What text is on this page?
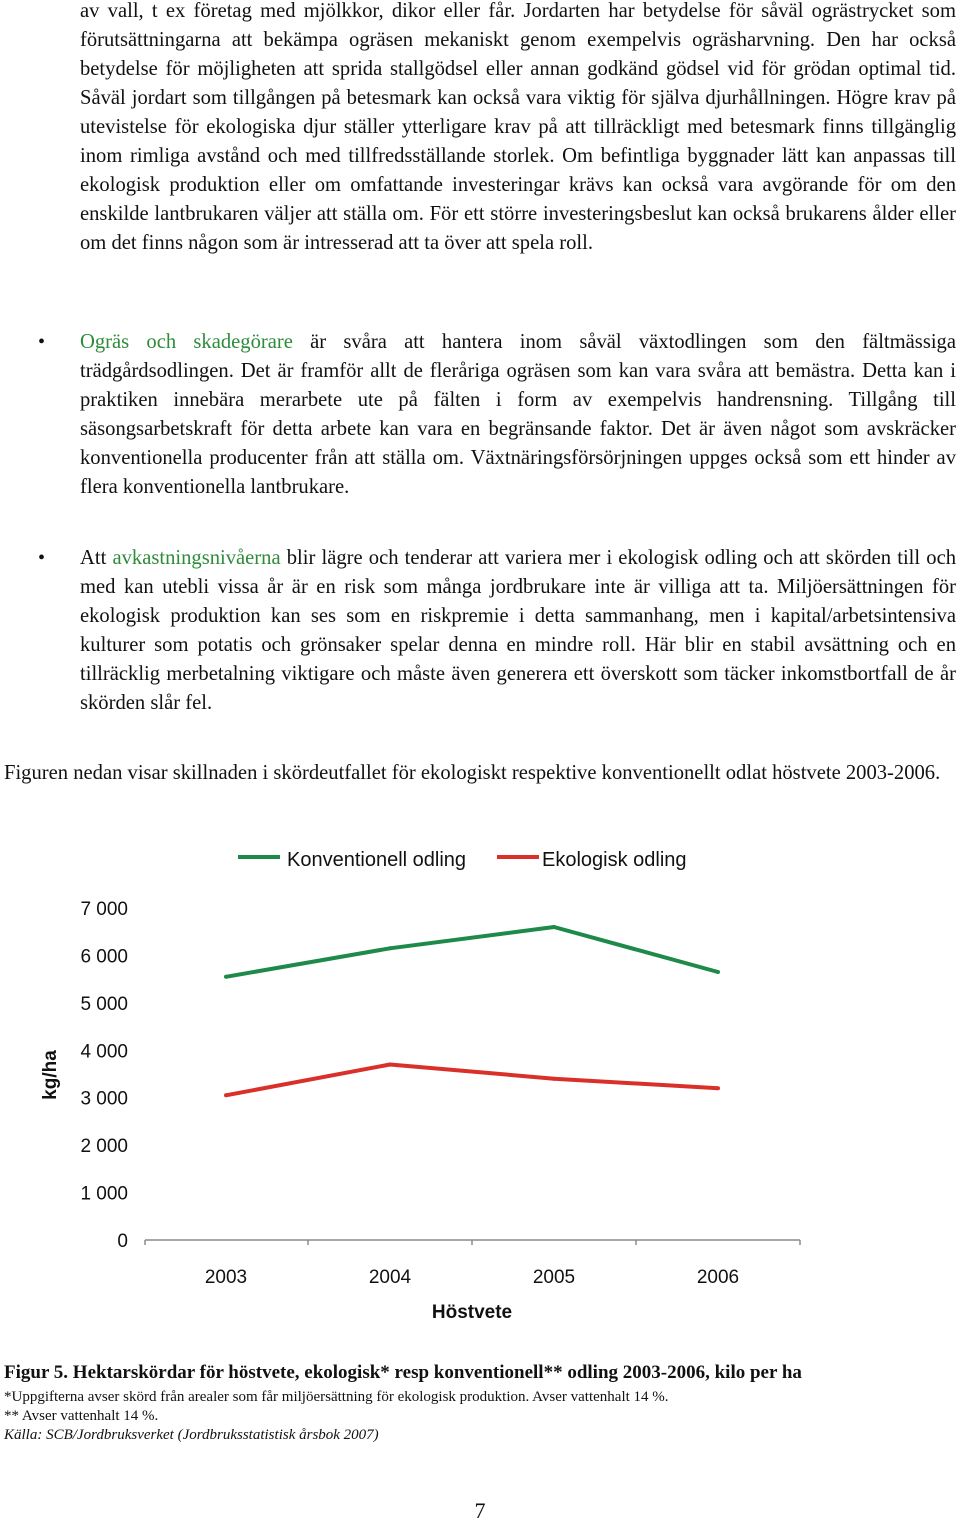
av vall, t ex företag med mjölkkor, dikor eller får. Jordarten har betydelse för såväl ogrästrycket som förutsättningarna att bekämpa ogräsen mekaniskt genom exempelvis ogräsharvning. Den har också betydelse för möjligheten att sprida stallgödsel eller annan godkänd gödsel vid för grödan optimal tid. Såväl jordart som tillgången på betesmark kan också vara viktig för själva djurhållningen. Högre krav på utevistelse för ekologiska djur ställer ytterligare krav på att tillräckligt med betesmark finns tillgänglig inom rimliga avstånd och med tillfredsställande storlek. Om befintliga byggnader lätt kan anpassas till ekologisk produktion eller om omfattande investeringar krävs kan också vara avgörande för om den enskilde lantbrukaren väljer att ställa om. För ett större investeringsbeslut kan också brukarens ålder eller om det finns någon som är intresserad att ta över att spela roll.

• Ogräs och skadegörare är svåra att hantera inom såväl växtodlingen som den fältmässiga trädgårdsodlingen. Det är framför allt de fleråriga ogräsen som kan vara svåra att bemästra. Detta kan i praktiken innebära merarbete ute på fälten i form av exempelvis handrensning. Tillgång till säsongsarbetskraft för detta arbete kan vara en begränsande faktor. Det är även något som avskräcker konventionella producenter från att ställa om. Växtnäringsförsörjningen uppges också som ett hinder av flera konventionella lantbrukare.

• Att avkastningsnivåerna blir lägre och tenderar att variera mer i ekologisk odling och att skörden till och med kan utebli vissa år är en risk som många jordbrukare inte är villiga att ta. Miljöersättningen för ekologisk produktion kan ses som en riskpremie i detta sammanhang, men i kapital/arbetsintensiva kulturer som potatis och grönsaker spelar denna en mindre roll. Här blir en stabil avsättning och en tillräcklig merbetalning viktigare och måste även generera ett överskott som täcker inkomstbortfall de år skörden slår fel.

Figuren nedan visar skillnaden i skördeutfallet för ekologiskt respektive konventionellt odlat höstvete 2003-2006.

0
1 000
2 000
3 000
4 000
5 000
6 000
7 000
2003	2004	2005	2006
Höstvete
kg/ha
Konventionell odling	Ekologisk odling

Figur 5. Hektarskördar för höstvete, ekologisk* resp konventionell** odling 2003-2006, kilo per ha

*Uppgifterna avser skörd från arealer som får miljöersättning för ekologisk produktion. Avser vattenhalt 14 %.

** Avser vattenhalt 14 %.

Källa: SCB/Jordbruksverket (Jordbruksstatistisk årsbok 2007)

7
